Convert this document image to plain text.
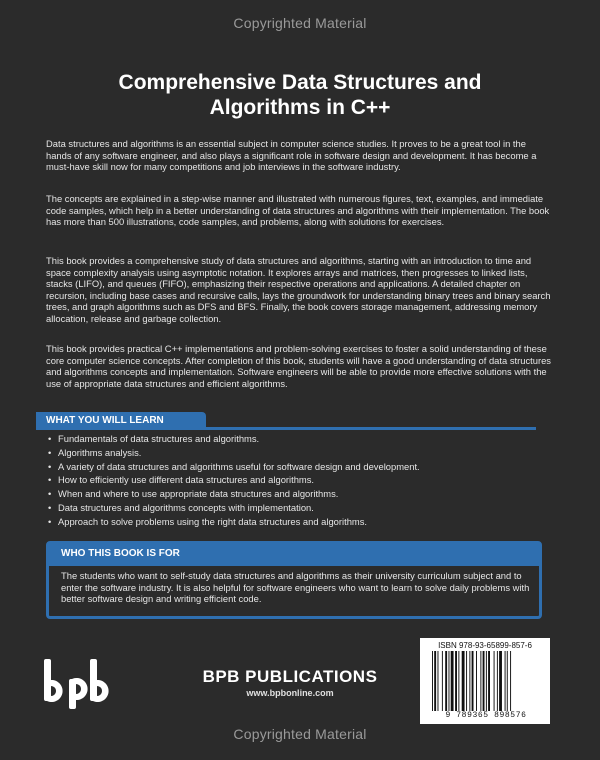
Copyrighted Material
Comprehensive Data Structures and
Algorithms in C++

Data structures and algorithms is an essential subject in computer science studies. It proves to be a great tool in the hands of any software engineer, and also plays a significant role in software design and development. It has become a must-have skill now for many competitions and job interviews in the software industry.

The concepts are explained in a step-wise manner and illustrated with numerous figures, text, examples, and immediate code samples, which help in a better understanding of data structures and algorithms with their implementation. The book has more than 500 illustrations, code samples, and problems, along with solutions for exercises.

This book provides a comprehensive study of data structures and algorithms, starting with an introduction to time and space complexity analysis using asymptotic notation. It explores arrays and matrices, then progresses to linked lists, stacks (LIFO), and queues (FIFO), emphasizing their respective operations and applications. A detailed chapter on recursion, including base cases and recursive calls, lays the groundwork for understanding binary trees and binary search trees, and graph algorithms such as DFS and BFS. Finally, the book covers storage management, addressing memory allocation, release and garbage collection.

This book provides practical C++ implementations and problem-solving exercises to foster a solid understanding of these core computer science concepts. After completion of this book, students will have a good understanding of data structures and algorithms concepts and implementation. Software engineers will be able to provide more effective solutions with the use of appropriate data structures and efficient algorithms.

WHAT YOU WILL LEARN
• Fundamentals of data structures and algorithms.
• Algorithms analysis.
• A variety of data structures and algorithms useful for software design and development.
• How to efficiently use different data structures and algorithms.
• When and where to use appropriate data structures and algorithms.
• Data structures and algorithms concepts with implementation.
• Approach to solve problems using the right data structures and algorithms.
WHO THIS BOOK IS FOR
The students who want to self-study data structures and algorithms as their university curriculum subject and to enter the software industry. It is also helpful for software engineers who want to learn to solve daily problems with better software design and writing efficient code.
BPB PUBLICATIONS
www.bpbonline.com
ISBN 978-93-65899-857-6
9 789365 898576
Copyrighted Material
